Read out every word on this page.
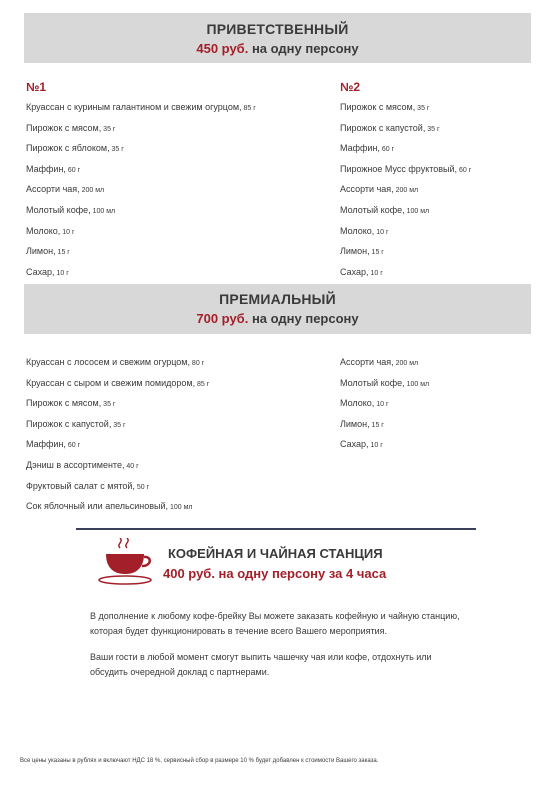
ПРИВЕТСТВЕННЫЙ
450 руб. на одну персону
№1
Круассан с куриным галантином и свежим огурцом, 85 г
Пирожок с мясом, 35 г
Пирожок с яблоком, 35 г
Маффин, 60 г
Ассорти чая, 200 мл
Молотый кофе, 100 мл
Молоко, 10 г
Лимон, 15 г
Сахар, 10 г
№2
Пирожок с мясом, 35 г
Пирожок с капустой, 35 г
Маффин, 60 г
Пирожное Мусс фруктовый, 60 г
Ассорти чая, 200 мл
Молотый кофе, 100 мл
Молоко, 10 г
Лимон, 15 г
Сахар, 10 г
ПРЕМИАЛЬНЫЙ
700 руб. на одну персону
Круассан с лососем и свежим огурцом, 80 г
Круассан с сыром и свежим помидором, 85 г
Пирожок с мясом, 35 г
Пирожок с капустой, 35 г
Маффин, 60 г
Дэниш в ассортименте, 40 г
Фруктовый салат с мятой, 50 г
Сок яблочный или апельсиновый, 100 мл
Ассорти чая, 200 мл
Молотый кофе, 100 мл
Молоко, 10 г
Лимон, 15 г
Сахар, 10 г
КОФЕЙНАЯ И ЧАЙНАЯ СТАНЦИЯ
400 руб. на одну персону за 4 часа
В дополнение к любому кофе-брейку Вы можете заказать кофейную и чайную станцию, которая будет функционировать в течение всего Вашего мероприятия.
Ваши гости в любой момент смогут выпить чашечку чая или кофе, отдохнуть или обсудить очередной доклад с партнерами.
Все цены указаны в рублях и включают НДС 18 %, сервисный сбор в размере 10 % будет добавлен к стоимости Вашего заказа.
